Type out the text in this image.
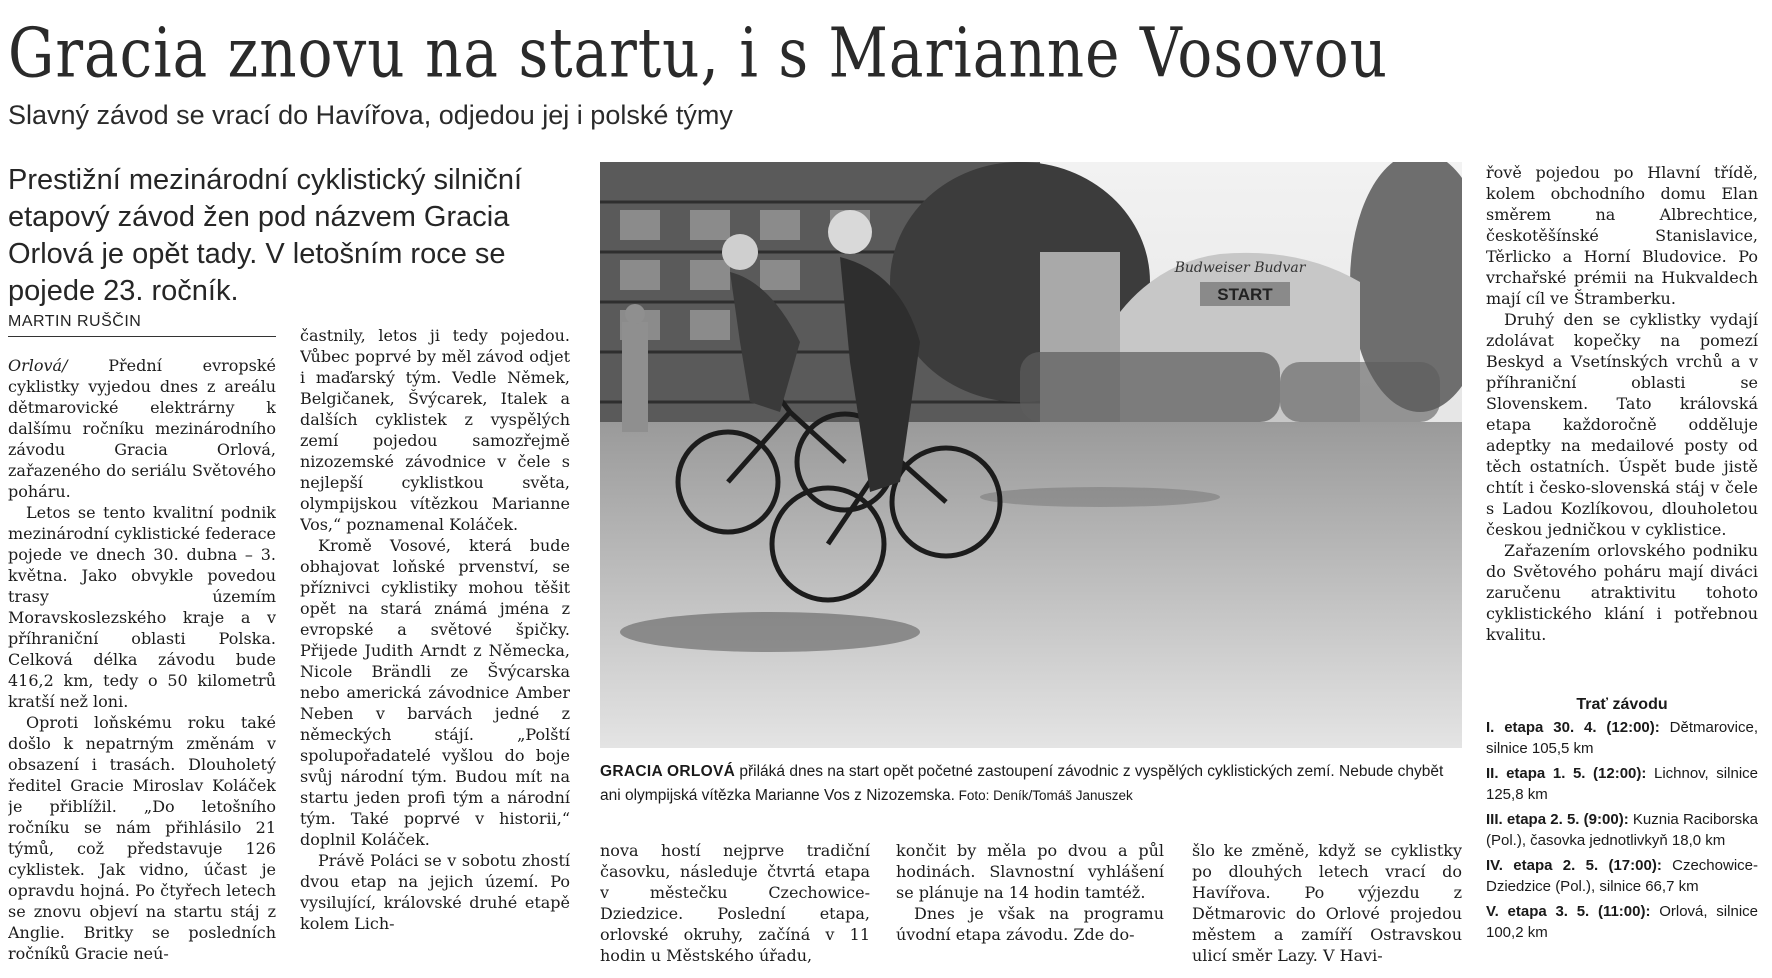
Gracia znovu na startu, i s Marianne Vosovou
Slavný závod se vrací do Havířova, odjedou jej i polské týmy
Prestižní mezinárodní cyklistický silniční etapový závod žen pod názvem Gracia Orlová je opět tady. V letošním roce se pojede 23. ročník.
MARTIN RUŠČIN

Orlová/ Přední evropské cyklistky vyjedou dnes z areálu dětmarovické elektrárny k dalšímu ročníku mezinárodního závodu Gracia Orlová, zařazeného do seriálu Světového poháru.

Letos se tento kvalitní podnik mezinárodní cyklistické federace pojede ve dnech 30. dubna – 3. května. Jako obvykle povedou trasy územím Moravskoslezského kraje a v příhraniční oblasti Polska. Celková délka závodu bude 416,2 km, tedy o 50 kilometrů kratší než loni.

Oproti loňskému roku také došlo k nepatrným změnám v obsazení i trasách. Dlouholetý ředitel Gracie Miroslav Koláček je přiblížil. „Do letošního ročníku se nám přihlásilo 21 týmů, což představuje 126 cyklistek. Jak vidno, účast je opravdu hojná. Po čtyřech letech se znovu objeví na startu stáj z Anglie. Britky se posledních ročníků Gracie neú-

častnily, letos ji tedy pojedou. Vůbec poprvé by měl závod odjet i maďarský tým. Vedle Němek, Belgičanek, Švýcarek, Italek a dalších cyklistek z vyspělých zemí pojedou samozřejmě nizozemské závodnice v čele s nejlepší cyklistkou světa, olympijskou vítězkou Marianne Vos,“ poznamenal Koláček.

Kromě Vosové, která bude obhajovat loňské prvenství, se příznivci cyklistiky mohou těšit opět na stará známá jména z evropské a světové špičky. Přijede Judith Arndt z Německa, Nicole Brändli ze Švýcarska nebo americká závodnice Amber Neben v barvách jedné z německých stájí. „Polští spolupořadatelé vyšlou do boje svůj národní tým. Budou mít na startu jeden profi tým a národní tým. Také poprvé v historii,“ doplnil Koláček.

Právě Poláci se v sobotu zhostí dvou etap na jejich území. Po vysilující, královské druhé etapě kolem Lich-

START
Budweiser Budvar
GRACIA ORLOVÁ přiláká dnes na start opět početné zastoupení závodnic z vyspělých cyklistických zemí. Nebude chybět ani olympijská vítězka Marianne Vos z Nizozemska. Foto: Deník/Tomáš Januszek

nova hostí nejprve tradiční časovku, následuje čtvrtá etapa v městečku Czechowice-Dziedzice. Poslední etapa, orlovské okruhy, začíná v 11 hodin u Městského úřadu,

končit by měla po dvou a půl hodinách. Slavnostní vyhlášení se plánuje na 14 hodin tamtéž.

Dnes je však na programu úvodní etapa závodu. Zde do-

šlo ke změně, když se cyklistky po dlouhých letech vrací do Havířova. Po výjezdu z Dětmarovic do Orlové projedou městem a zamíří Ostravskou ulicí směr Lazy. V Havi-

řově pojedou po Hlavní třídě, kolem obchodního domu Elan směrem na Albrechtice, českotěšínské Stanislavice, Těrlicko a Horní Bludovice. Po vrchařské prémii na Hukvaldech mají cíl ve Štramberku.

Druhý den se cyklistky vydají zdolávat kopečky na pomezí Beskyd a Vsetínských vrchů a v příhraniční oblasti se Slovenskem. Tato královská etapa každoročně odděluje adeptky na medailové posty od těch ostatních. Úspět bude jistě chtít i česko-slovenská stáj v čele s Ladou Kozlíkovou, dlouholetou českou jedničkou v cyklistice.

Zařazením orlovského podniku do Světového poháru mají diváci zaručenu atraktivitu tohoto cyklistického klání i potřebnou kvalitu.

Trať závodu
I. etapa 30. 4. (12:00): Dětmarovice, silnice 105,5 km
II. etapa 1. 5. (12:00): Lichnov, silnice 125,8 km
III. etapa 2. 5. (9:00): Kuznia Raciborska (Pol.), časovka jednotlivkyň 18,0 km
IV. etapa 2. 5. (17:00): Czechowice-Dziedzice (Pol.), silnice 66,7 km
V. etapa 3. 5. (11:00): Orlová, silnice 100,2 km
